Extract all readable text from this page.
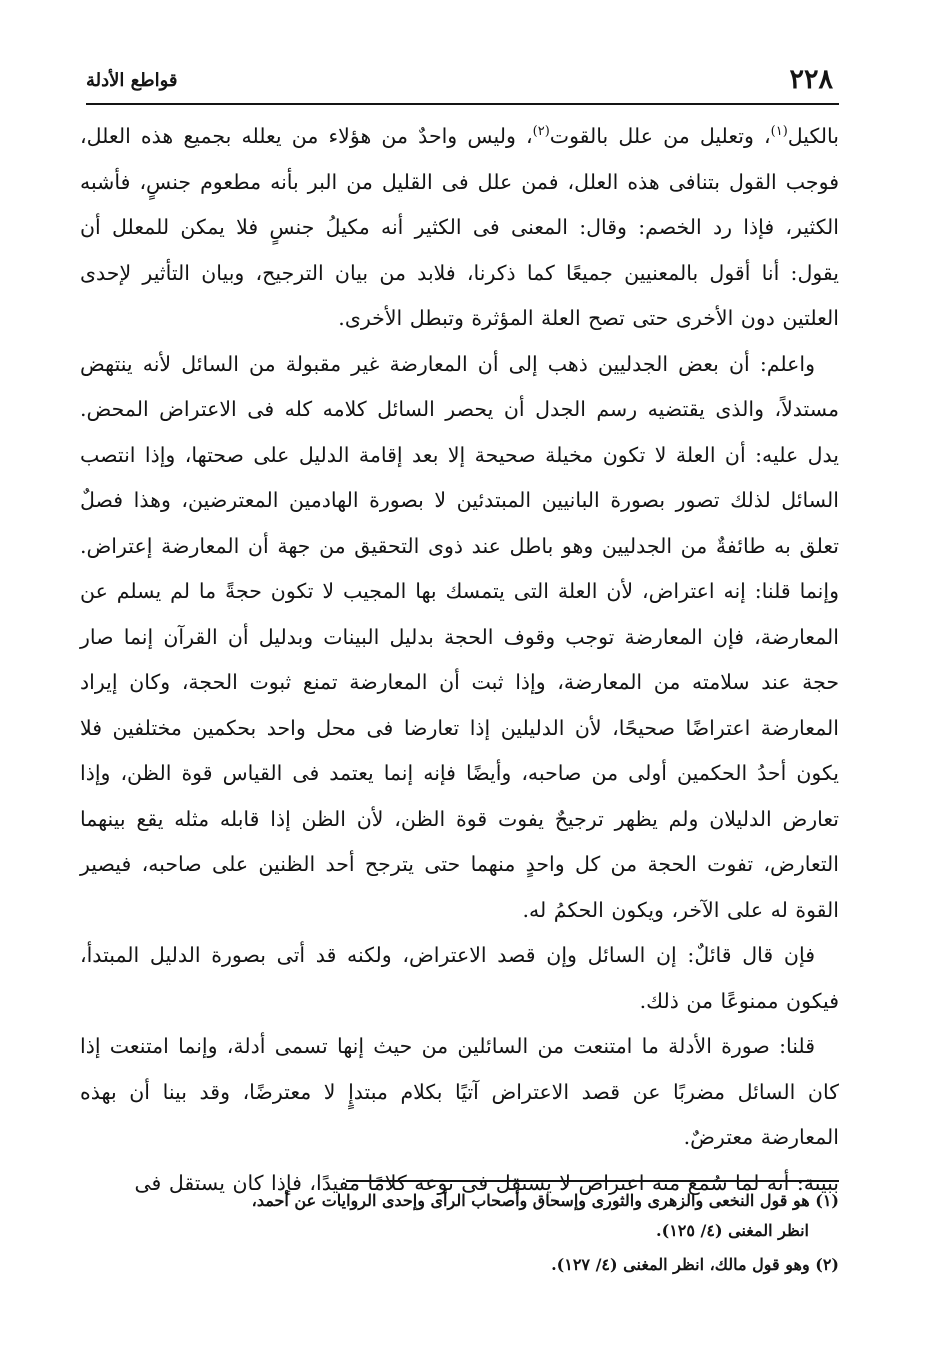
٢٢٨
قواطع الأدلة

بالكيل$^{(١)}$، وتعليل من علل بالقوت$^{(٢)}$، وليس واحدٌ من هؤلاء من يعلله بجميع هذه العلل، فوجب القول بتنافى هذه العلل، فمن علل فى القليل من البر بأنه مطعوم جنسٍ، فأشبه الكثير، فإذا رد الخصم: وقال: المعنى فى الكثير أنه مكيلُ جنسٍ فلا يمكن للمعلل أن يقول: أنا أقول بالمعنيين جميعًا كما ذكرنا، فلابد من بيان الترجيح، وبيان التأثير لإحدى العلتين دون الأخرى حتى تصح العلة المؤثرة وتبطل الأخرى.

واعلم: أن بعض الجدليين ذهب إلى أن المعارضة غير مقبولة من السائل لأنه ينتهض مستدلاً، والذى يقتضيه رسم الجدل أن يحصر السائل كلامه كله فى الاعتراض المحض. يدل عليه: أن العلة لا تكون مخيلة صحيحة إلا بعد إقامة الدليل على صحتها، وإذا انتصب السائل لذلك تصور بصورة البانيين المبتدئين لا بصورة الهادمين المعترضين، وهذا فصلٌ تعلق به طائفةٌ من الجدليين وهو باطل عند ذوى التحقيق من جهة أن المعارضة إعتراض. وإنما قلنا: إنه اعتراض، لأن العلة التى يتمسك بها المجيب لا تكون حجةً ما لم يسلم عن المعارضة، فإن المعارضة توجب وقوف الحجة بدليل البينات وبدليل أن القرآن إنما صار حجة عند سلامته من المعارضة، وإذا ثبت أن المعارضة تمنع ثبوت الحجة، وكان إيراد المعارضة اعتراضًا صحيحًا، لأن الدليلين إذا تعارضا فى محل واحد بحكمين مختلفين فلا يكون أحدُ الحكمين أولى من صاحبه، وأيضًا فإنه إنما يعتمد فى القياس قوة الظن، وإذا تعارض الدليلان ولم يظهر ترجيحٌ يفوت قوة الظن، لأن الظن إذا قابله مثله يقع بينهما التعارض، تفوت الحجة من كل واحدٍ منهما حتى يترجح أحد الظنين على صاحبه، فيصير القوة له على الآخر، ويكون الحكمُ له.

فإن قال قائلٌ: إن السائل وإن قصد الاعتراض، ولكنه قد أتى بصورة الدليل المبتدأ، فيكون ممنوعًا من ذلك.

قلنا: صورة الأدلة ما امتنعت من السائلين من حيث إنها تسمى أدلة، وإنما امتنعت إذا كان السائل مضربًا عن قصد الاعتراض آتيًا بكلام مبتدإٍ لا معترضًا، وقد بينا أن بهذه المعارضة معترضٌ.

ببينة: أنه لما سُمع منه اعتراض لا يستقل فى نوعه كلامًا مفيدًا، فإذا كان يستقل فى

(١) هو قول النخعى والزهرى والثورى وإسحاق وأصحاب الرأى وإحدى الروايات عن أحمد،
انظر المغنى (٤/ ١٢٥).

(٢) وهو قول مالك، انظر المغنى (٤/ ١٢٧).
